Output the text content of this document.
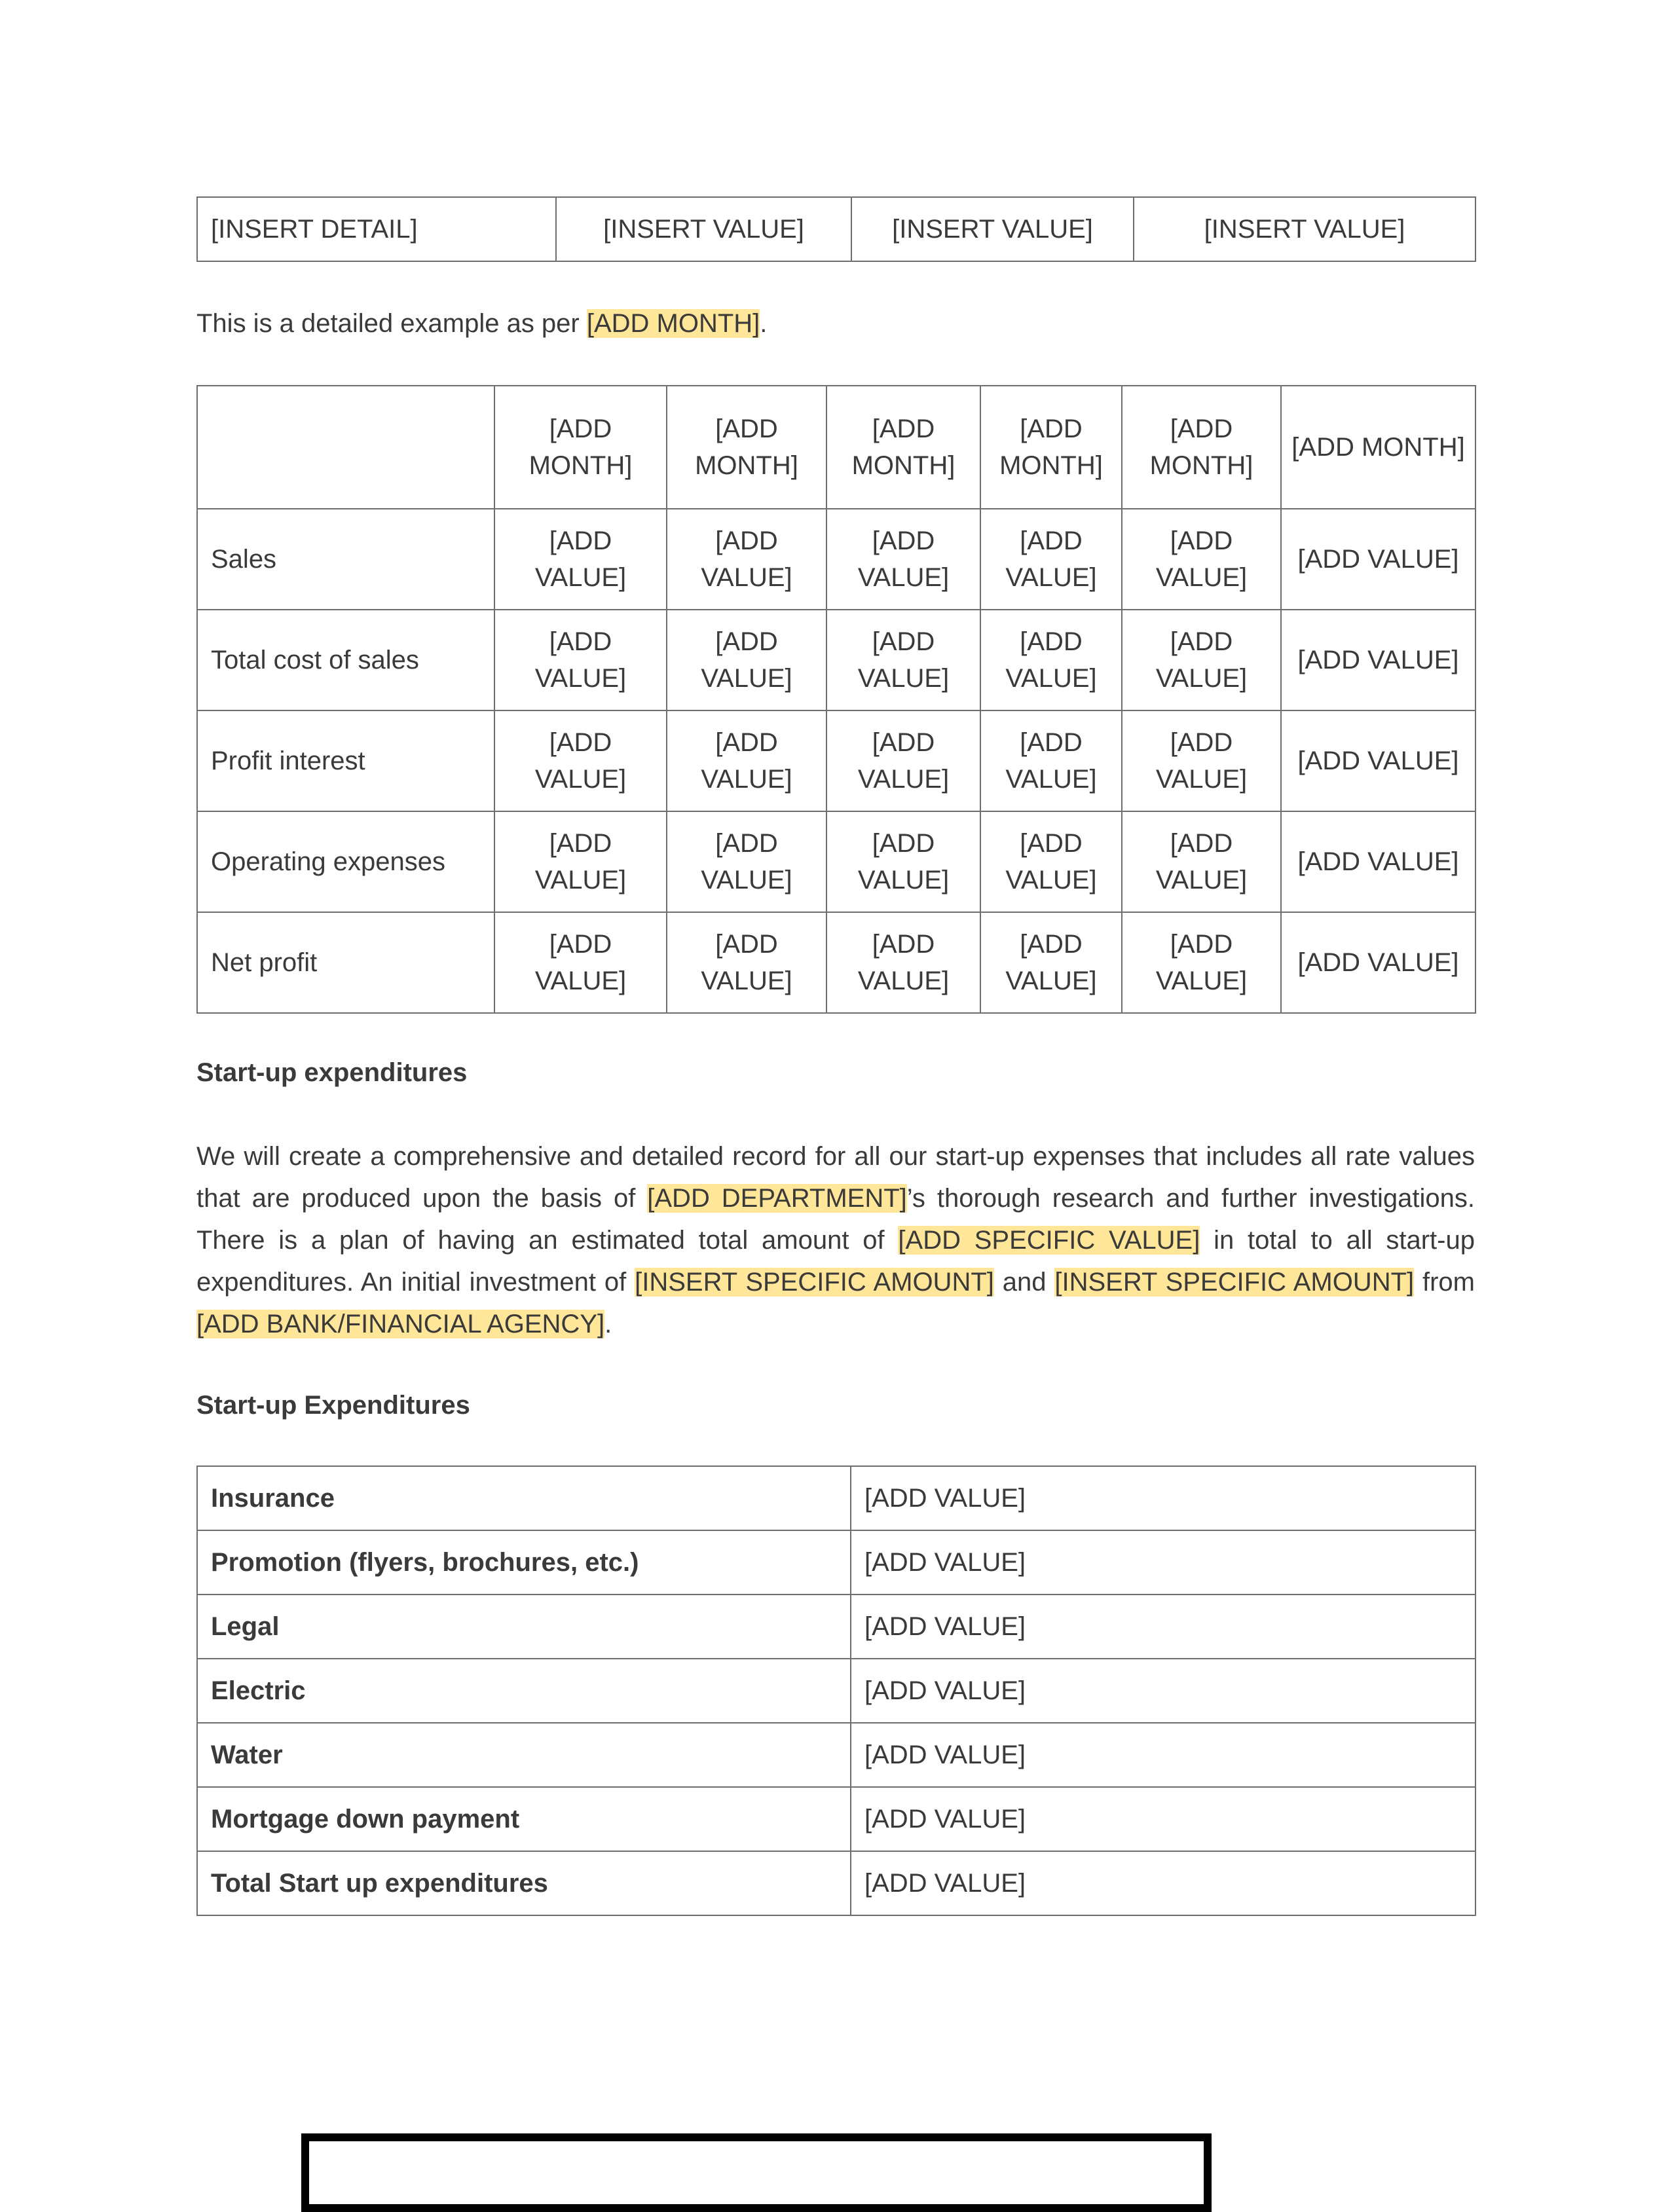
[INSERT DETAIL]	[INSERT VALUE]	[INSERT VALUE]	[INSERT VALUE]

This is a detailed example as per [ADD MONTH].

	[ADD MONTH]	[ADD MONTH]	[ADD MONTH]	[ADD MONTH]	[ADD MONTH]	[ADD MONTH]
Sales	[ADD VALUE]	[ADD VALUE]	[ADD VALUE]	[ADD VALUE]	[ADD VALUE]	[ADD VALUE]
Total cost of sales	[ADD VALUE]	[ADD VALUE]	[ADD VALUE]	[ADD VALUE]	[ADD VALUE]	[ADD VALUE]
Profit interest	[ADD VALUE]	[ADD VALUE]	[ADD VALUE]	[ADD VALUE]	[ADD VALUE]	[ADD VALUE]
Operating expenses	[ADD VALUE]	[ADD VALUE]	[ADD VALUE]	[ADD VALUE]	[ADD VALUE]	[ADD VALUE]
Net profit	[ADD VALUE]	[ADD VALUE]	[ADD VALUE]	[ADD VALUE]	[ADD VALUE]	[ADD VALUE]
Start-up expenditures

We will create a comprehensive and detailed record for all our start-up expenses that includes all rate values that are produced upon the basis of [ADD DEPARTMENT]’s thorough research and further investigations. There is a plan of having an estimated total amount of [ADD SPECIFIC VALUE] in total to all start-up expenditures. An initial investment of [INSERT SPECIFIC AMOUNT] and [INSERT SPECIFIC AMOUNT] from [ADD BANK/FINANCIAL AGENCY].

Start-up Expenditures
Insurance	[ADD VALUE]
Promotion (flyers, brochures, etc.)	[ADD VALUE]
Legal	[ADD VALUE]
Electric	[ADD VALUE]
Water	[ADD VALUE]
Mortgage down payment	[ADD VALUE]
Total Start up expenditures	[ADD VALUE]
